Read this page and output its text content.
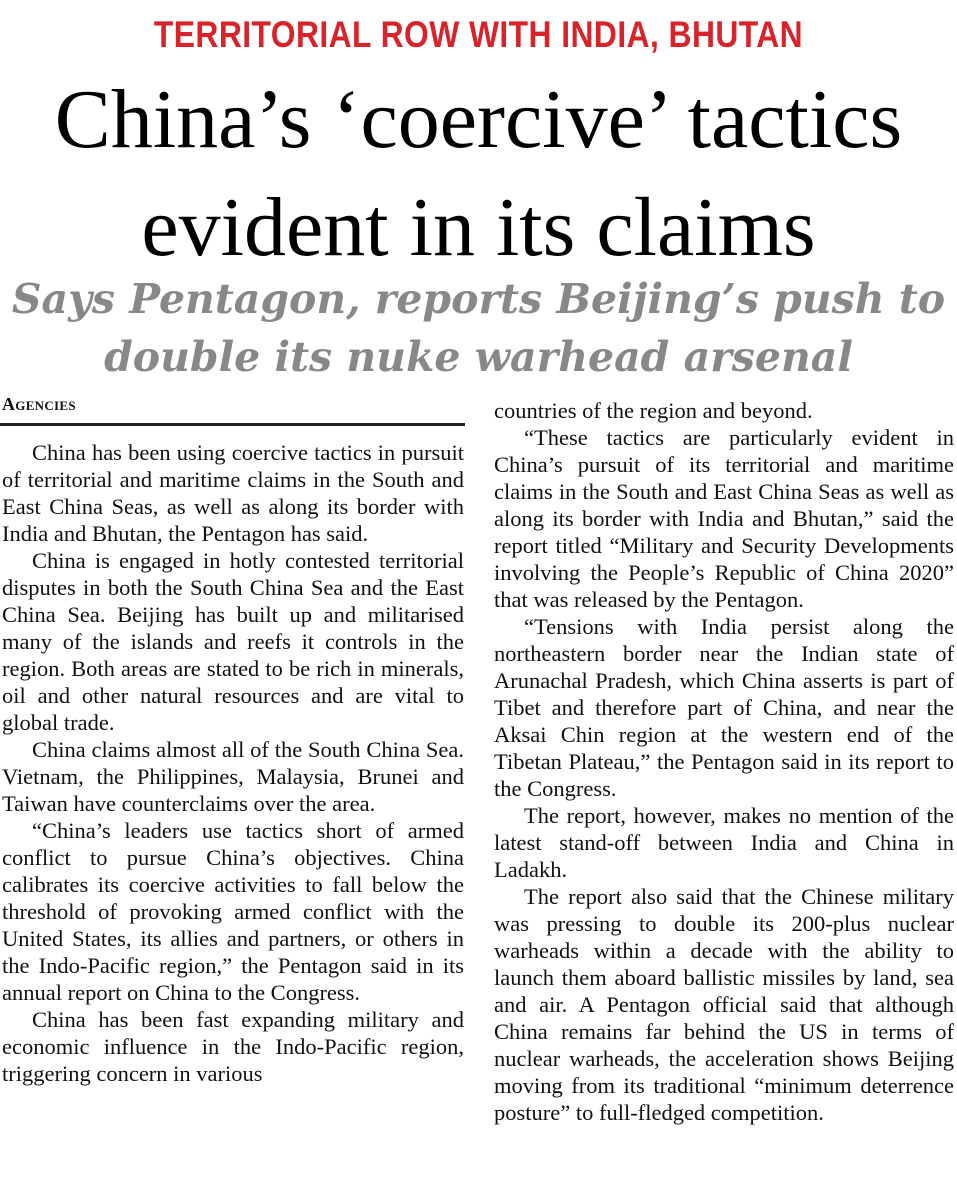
TERRITORIAL ROW WITH INDIA, BHUTAN
China’s ‘coercive’ tactics
evident in its claims
Says Pentagon, reports Beijing’s push to
double its nuke warhead arsenal
Agencies

China has been using coercive tactics in pursuit of territorial and maritime claims in the South and East China Seas, as well as along its border with India and Bhutan, the Pentagon has said.

China is engaged in hotly contested territorial disputes in both the South China Sea and the East China Sea. Beijing has built up and militarised many of the islands and reefs it controls in the region. Both areas are stated to be rich in minerals, oil and other natural resources and are vital to global trade.

China claims almost all of the South China Sea. Vietnam, the Philippines, Malaysia, Brunei and Taiwan have counterclaims over the area.

“China’s leaders use tactics short of armed conflict to pursue China’s objectives. China calibrates its coercive activities to fall below the threshold of provoking armed conflict with the United States, its allies and partners, or others in the Indo-Pacific region,” the Pentagon said in its annual report on China to the Congress.

China has been fast expanding military and economic influence in the Indo-Pacific region, triggering concern in various

countries of the region and beyond.

“These tactics are particularly evident in China’s pursuit of its territorial and maritime claims in the South and East China Seas as well as along its border with India and Bhutan,” said the report titled “Military and Security Developments involving the People’s Republic of China 2020” that was released by the Pentagon.

“Tensions with India persist along the northeastern border near the Indian state of Arunachal Pradesh, which China asserts is part of Tibet and therefore part of China, and near the Aksai Chin region at the western end of the Tibetan Plateau,” the Pentagon said in its report to the Congress.

The report, however, makes no mention of the latest stand-off between India and China in Ladakh.

The report also said that the Chinese military was pressing to double its 200-plus nuclear warheads within a decade with the ability to launch them aboard ballistic missiles by land, sea and air. A Pentagon official said that although China remains far behind the US in terms of nuclear warheads, the acceleration shows Beijing moving from its traditional “minimum deterrence posture” to full-fledged competition.
